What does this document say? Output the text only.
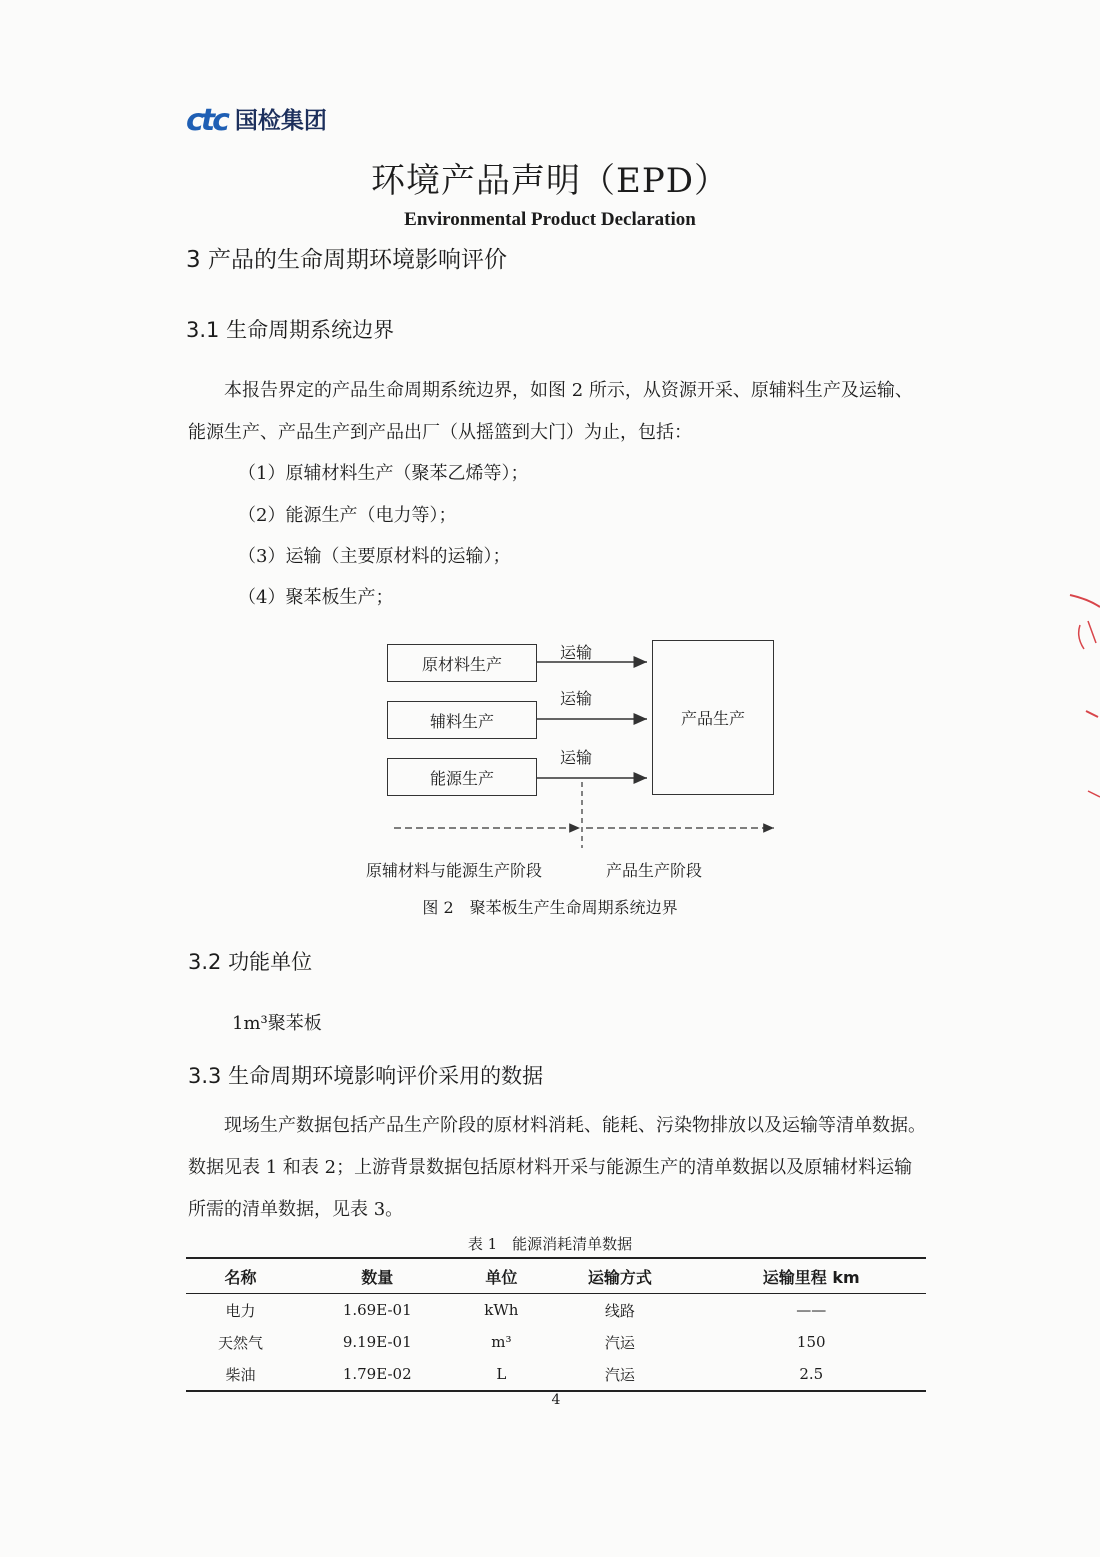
ctc 国检集团
环境产品声明（EPD）
Environmental Product Declaration
3 产品的生命周期环境影响评价
3.1 生命周期系统边界
本报告界定的产品生命周期系统边界，如图 2 所示，从资源开采、原辅料生产及运输、能源生产、产品生产到产品出厂（从摇篮到大门）为止，包括：
（1）原辅材料生产（聚苯乙烯等）；
（2）能源生产（电力等）；
（3）运输（主要原材料的运输）；
（4）聚苯板生产；
原材料生产
辅料生产
能源生产
产品生产
运输
运输
运输
原辅材料与能源生产阶段	产品生产阶段
图 2　聚苯板生产生命周期系统边界
3.2 功能单位
1m³聚苯板
3.3 生命周期环境影响评价采用的数据
现场生产数据包括产品生产阶段的原材料消耗、能耗、污染物排放以及运输等清单数据。数据见表 1 和表 2；上游背景数据包括原材料开采与能源生产的清单数据以及原辅材料运输所需的清单数据，见表 3。
表 1　能源消耗清单数据
名称	数量	单位	运输方式	运输里程 km
电力	1.69E-01	kWh	线路	——
天然气	9.19E-01	m³	汽运	150
柴油	1.79E-02	L	汽运	2.5
4
